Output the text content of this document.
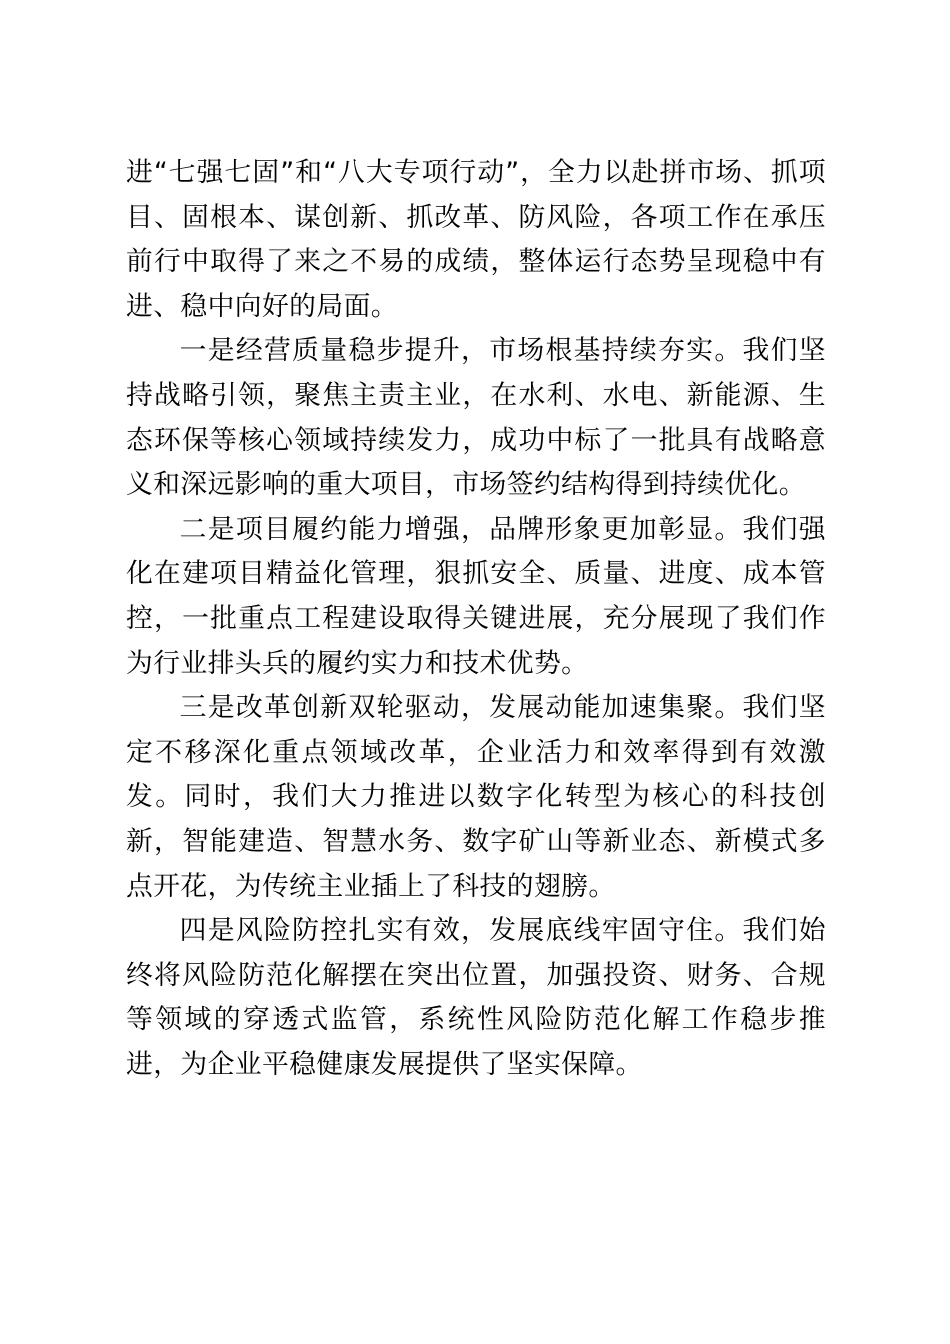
进“七强七固”和“八大专项行动”，全力以赴拼市场、抓项目、固根本、谋创新、抓改革、防风险，各项工作在承压前行中取得了来之不易的成绩，整体运行态势呈现稳中有进、稳中向好的局面。

一是经营质量稳步提升，市场根基持续夯实。我们坚持战略引领，聚焦主责主业，在水利、水电、新能源、生态环保等核心领域持续发力，成功中标了一批具有战略意义和深远影响的重大项目，市场签约结构得到持续优化。

二是项目履约能力增强，品牌形象更加彰显。我们强化在建项目精益化管理，狠抓安全、质量、进度、成本管控，一批重点工程建设取得关键进展，充分展现了我们作为行业排头兵的履约实力和技术优势。

三是改革创新双轮驱动，发展动能加速集聚。我们坚定不移深化重点领域改革，企业活力和效率得到有效激发。同时，我们大力推进以数字化转型为核心的科技创新，智能建造、智慧水务、数字矿山等新业态、新模式多点开花，为传统主业插上了科技的翅膀。

四是风险防控扎实有效，发展底线牢固守住。我们始终将风险防范化解摆在突出位置，加强投资、财务、合规等领域的穿透式监管，系统性风险防范化解工作稳步推进，为企业平稳健康发展提供了坚实保障。
